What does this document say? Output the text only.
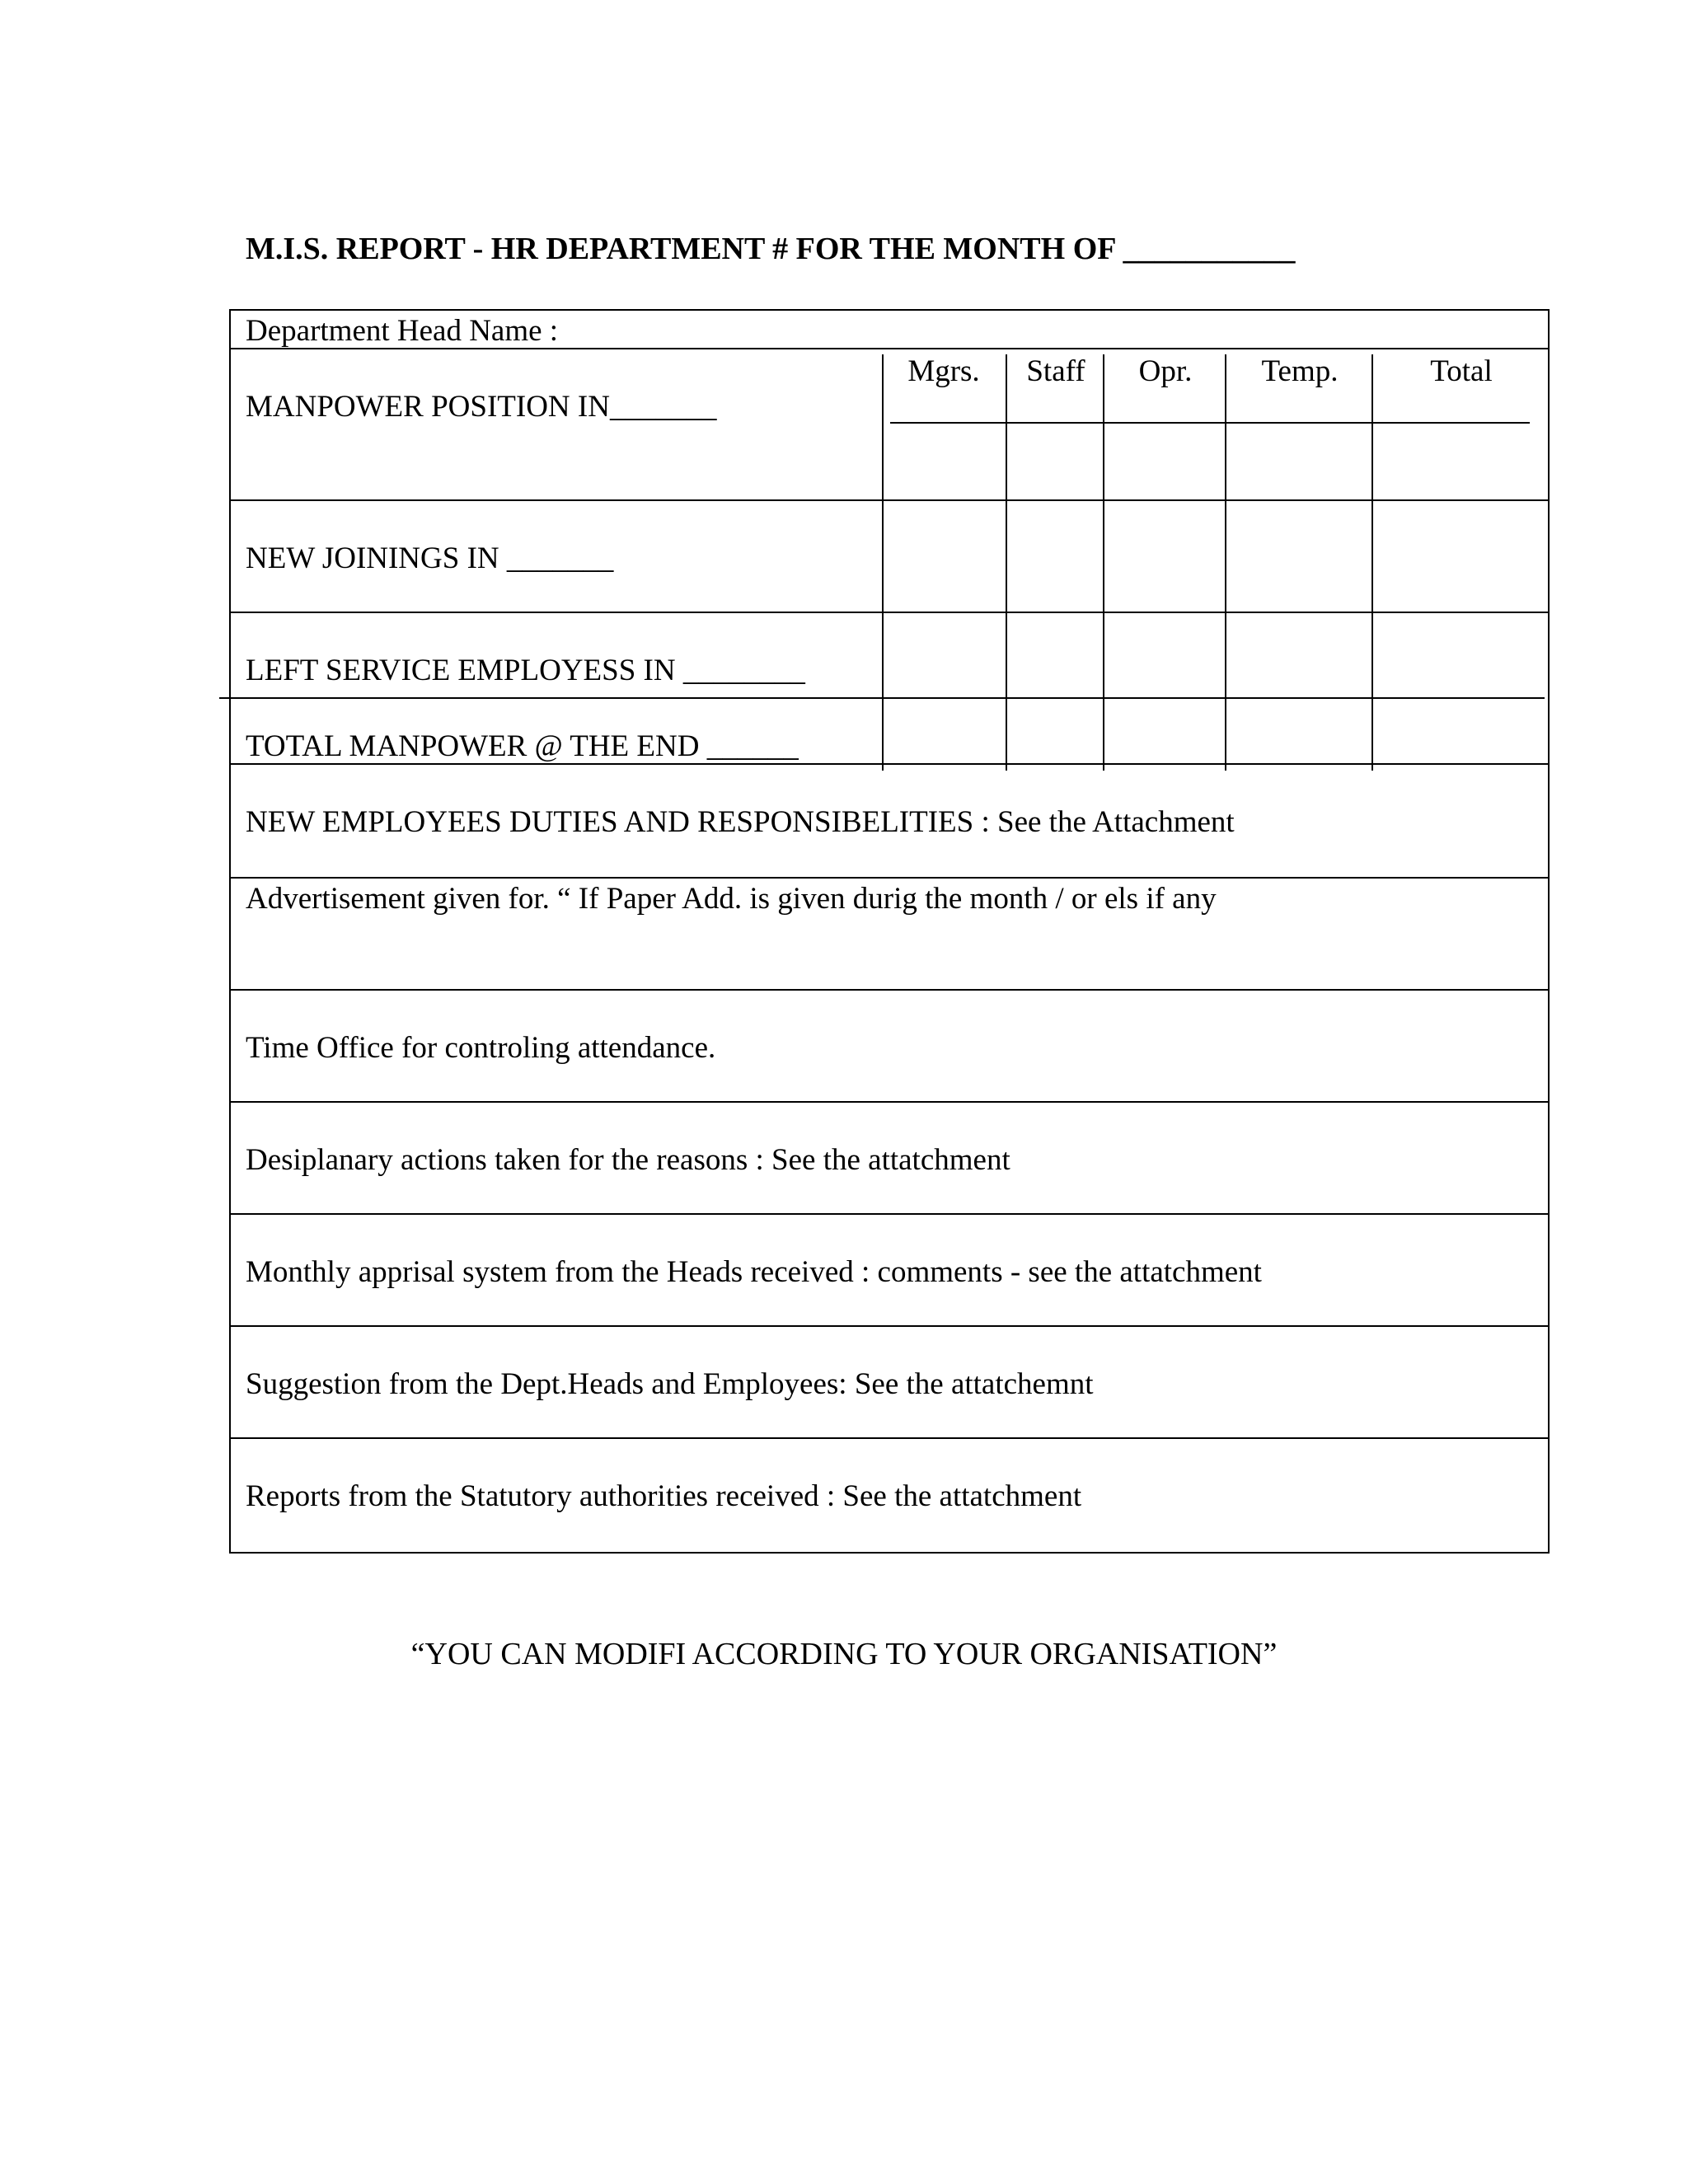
M.I.S. REPORT - HR DEPARTMENT # FOR THE MONTH OF ___________
Department Head Name :
Mgrs.	Staff	Opr.	Temp.	Total
MANPOWER POSITION IN_______
NEW JOININGS IN _______
LEFT SERVICE EMPLOYESS IN ________
TOTAL MANPOWER @ THE END ______
NEW EMPLOYEES DUTIES AND RESPONSIBELITIES : See the Attachment
Advertisement given for. “ If Paper Add. is given durig the month / or els if any
Time Office for controling attendance.
Desiplanary actions taken for the reasons : See the attatchment
Monthly apprisal system from the Heads received : comments - see the attatchment
Suggestion from the Dept.Heads and Employees: See the attatchemnt
Reports from the Statutory authorities received : See the attatchment
“YOU CAN MODIFI ACCORDING TO YOUR ORGANISATION”
